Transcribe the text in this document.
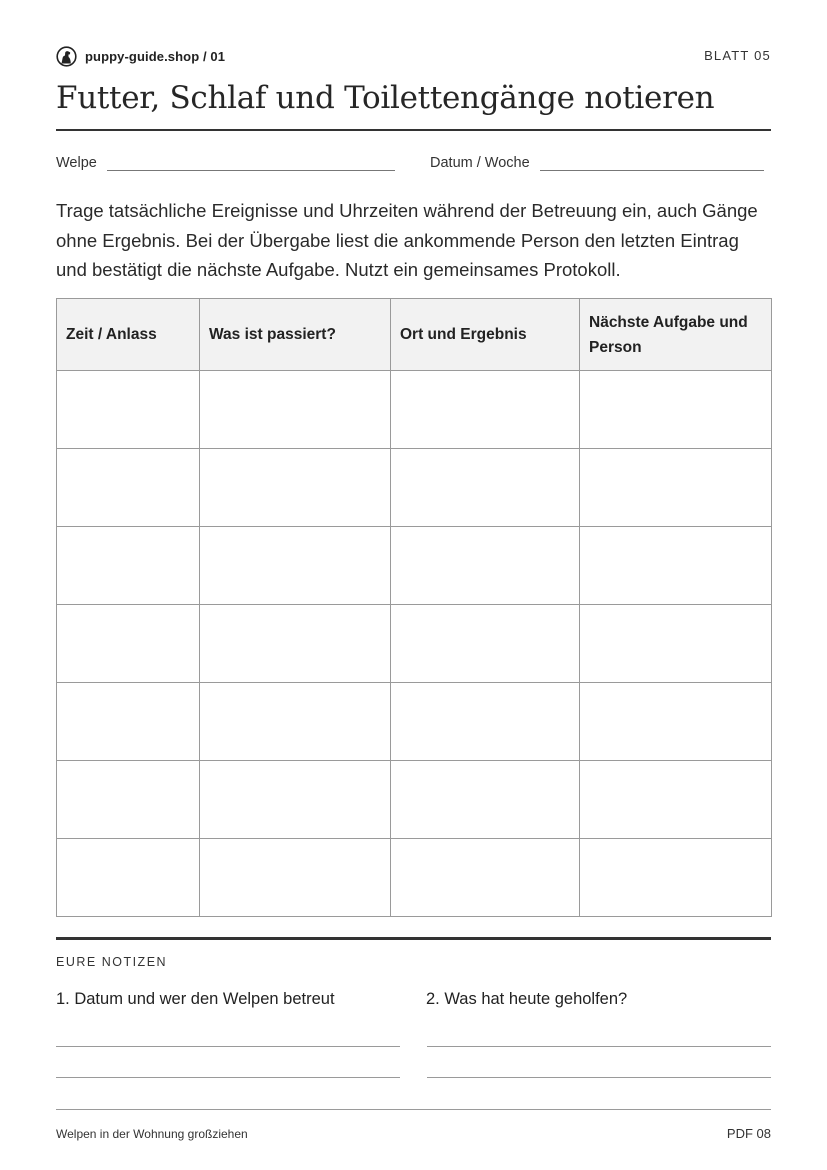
puppy-guide.shop / 01	BLATT 05
Futter, Schlaf und Toilettengänge notieren
Welpe	Datum / Woche

Trage tatsächliche Ereignisse und Uhrzeiten während der Betreuung ein, auch Gänge ohne Ergebnis. Bei der Übergabe liest die ankommende Person den letzten Eintrag und bestätigt die nächste Aufgabe. Nutzt ein gemeinsames Protokoll.

Zeit / Anlass	Was ist passiert?	Ort und Ergebnis	Nächste Aufgabe und Person

EURE NOTIZEN
1. Datum und wer den Welpen betreut	2. Was hat heute geholfen?
Welpen in der Wohnung großziehen	PDF 08
